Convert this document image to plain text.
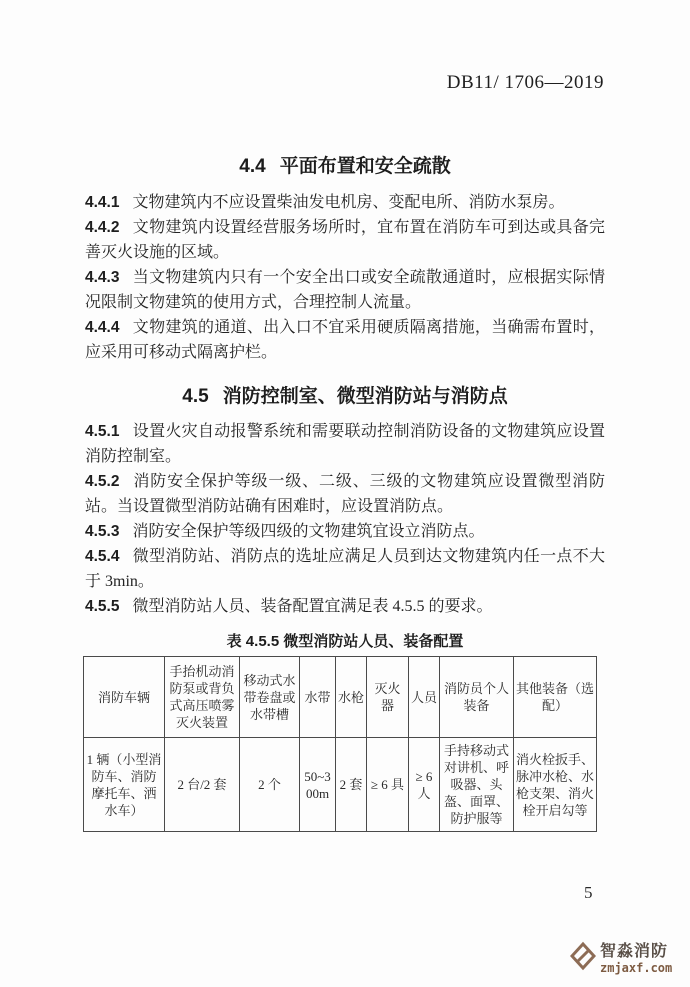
DB11/ 1706—2019
4.4 平面布置和安全疏散

4.4.1 文物建筑内不应设置柴油发电机房、变配电所、消防水泵房。

4.4.2 文物建筑内设置经营服务场所时，宜布置在消防车可到达或具备完善灭火设施的区域。

4.4.3 当文物建筑内只有一个安全出口或安全疏散通道时，应根据实际情况限制文物建筑的使用方式，合理控制人流量。

4.4.4 文物建筑的通道、出入口不宜采用硬质隔离措施，当确需布置时，应采用可移动式隔离护栏。

4.5 消防控制室、微型消防站与消防点

4.5.1 设置火灾自动报警系统和需要联动控制消防设备的文物建筑应设置消防控制室。

4.5.2 消防安全保护等级一级、二级、三级的文物建筑应设置微型消防站。当设置微型消防站确有困难时，应设置消防点。

4.5.3 消防安全保护等级四级的文物建筑宜设立消防点。

4.5.4 微型消防站、消防点的选址应满足人员到达文物建筑内任一点不大于 3min。

4.5.5 微型消防站人员、装备配置宜满足表 4.5.5 的要求。

表 4.5.5 微型消防站人员、装备配置
消防车辆	手抬机动消防泵或背负式高压喷雾灭火装置	移动式水带卷盘或水带槽	水带	水枪	灭火器	人员	消防员个人装备	其他装备（选配）
1 辆（小型消防车、消防摩托车、洒水车）	2 台/2 套	2 个	50~300m	2 套	≥ 6 具	≥ 6 人	手持移动式对讲机、呼吸器、头盔、面罩、防护服等	消火栓扳手、脉冲水枪、水枪支架、消火栓开启勾等
5
智淼消防
zmjaxf.com
